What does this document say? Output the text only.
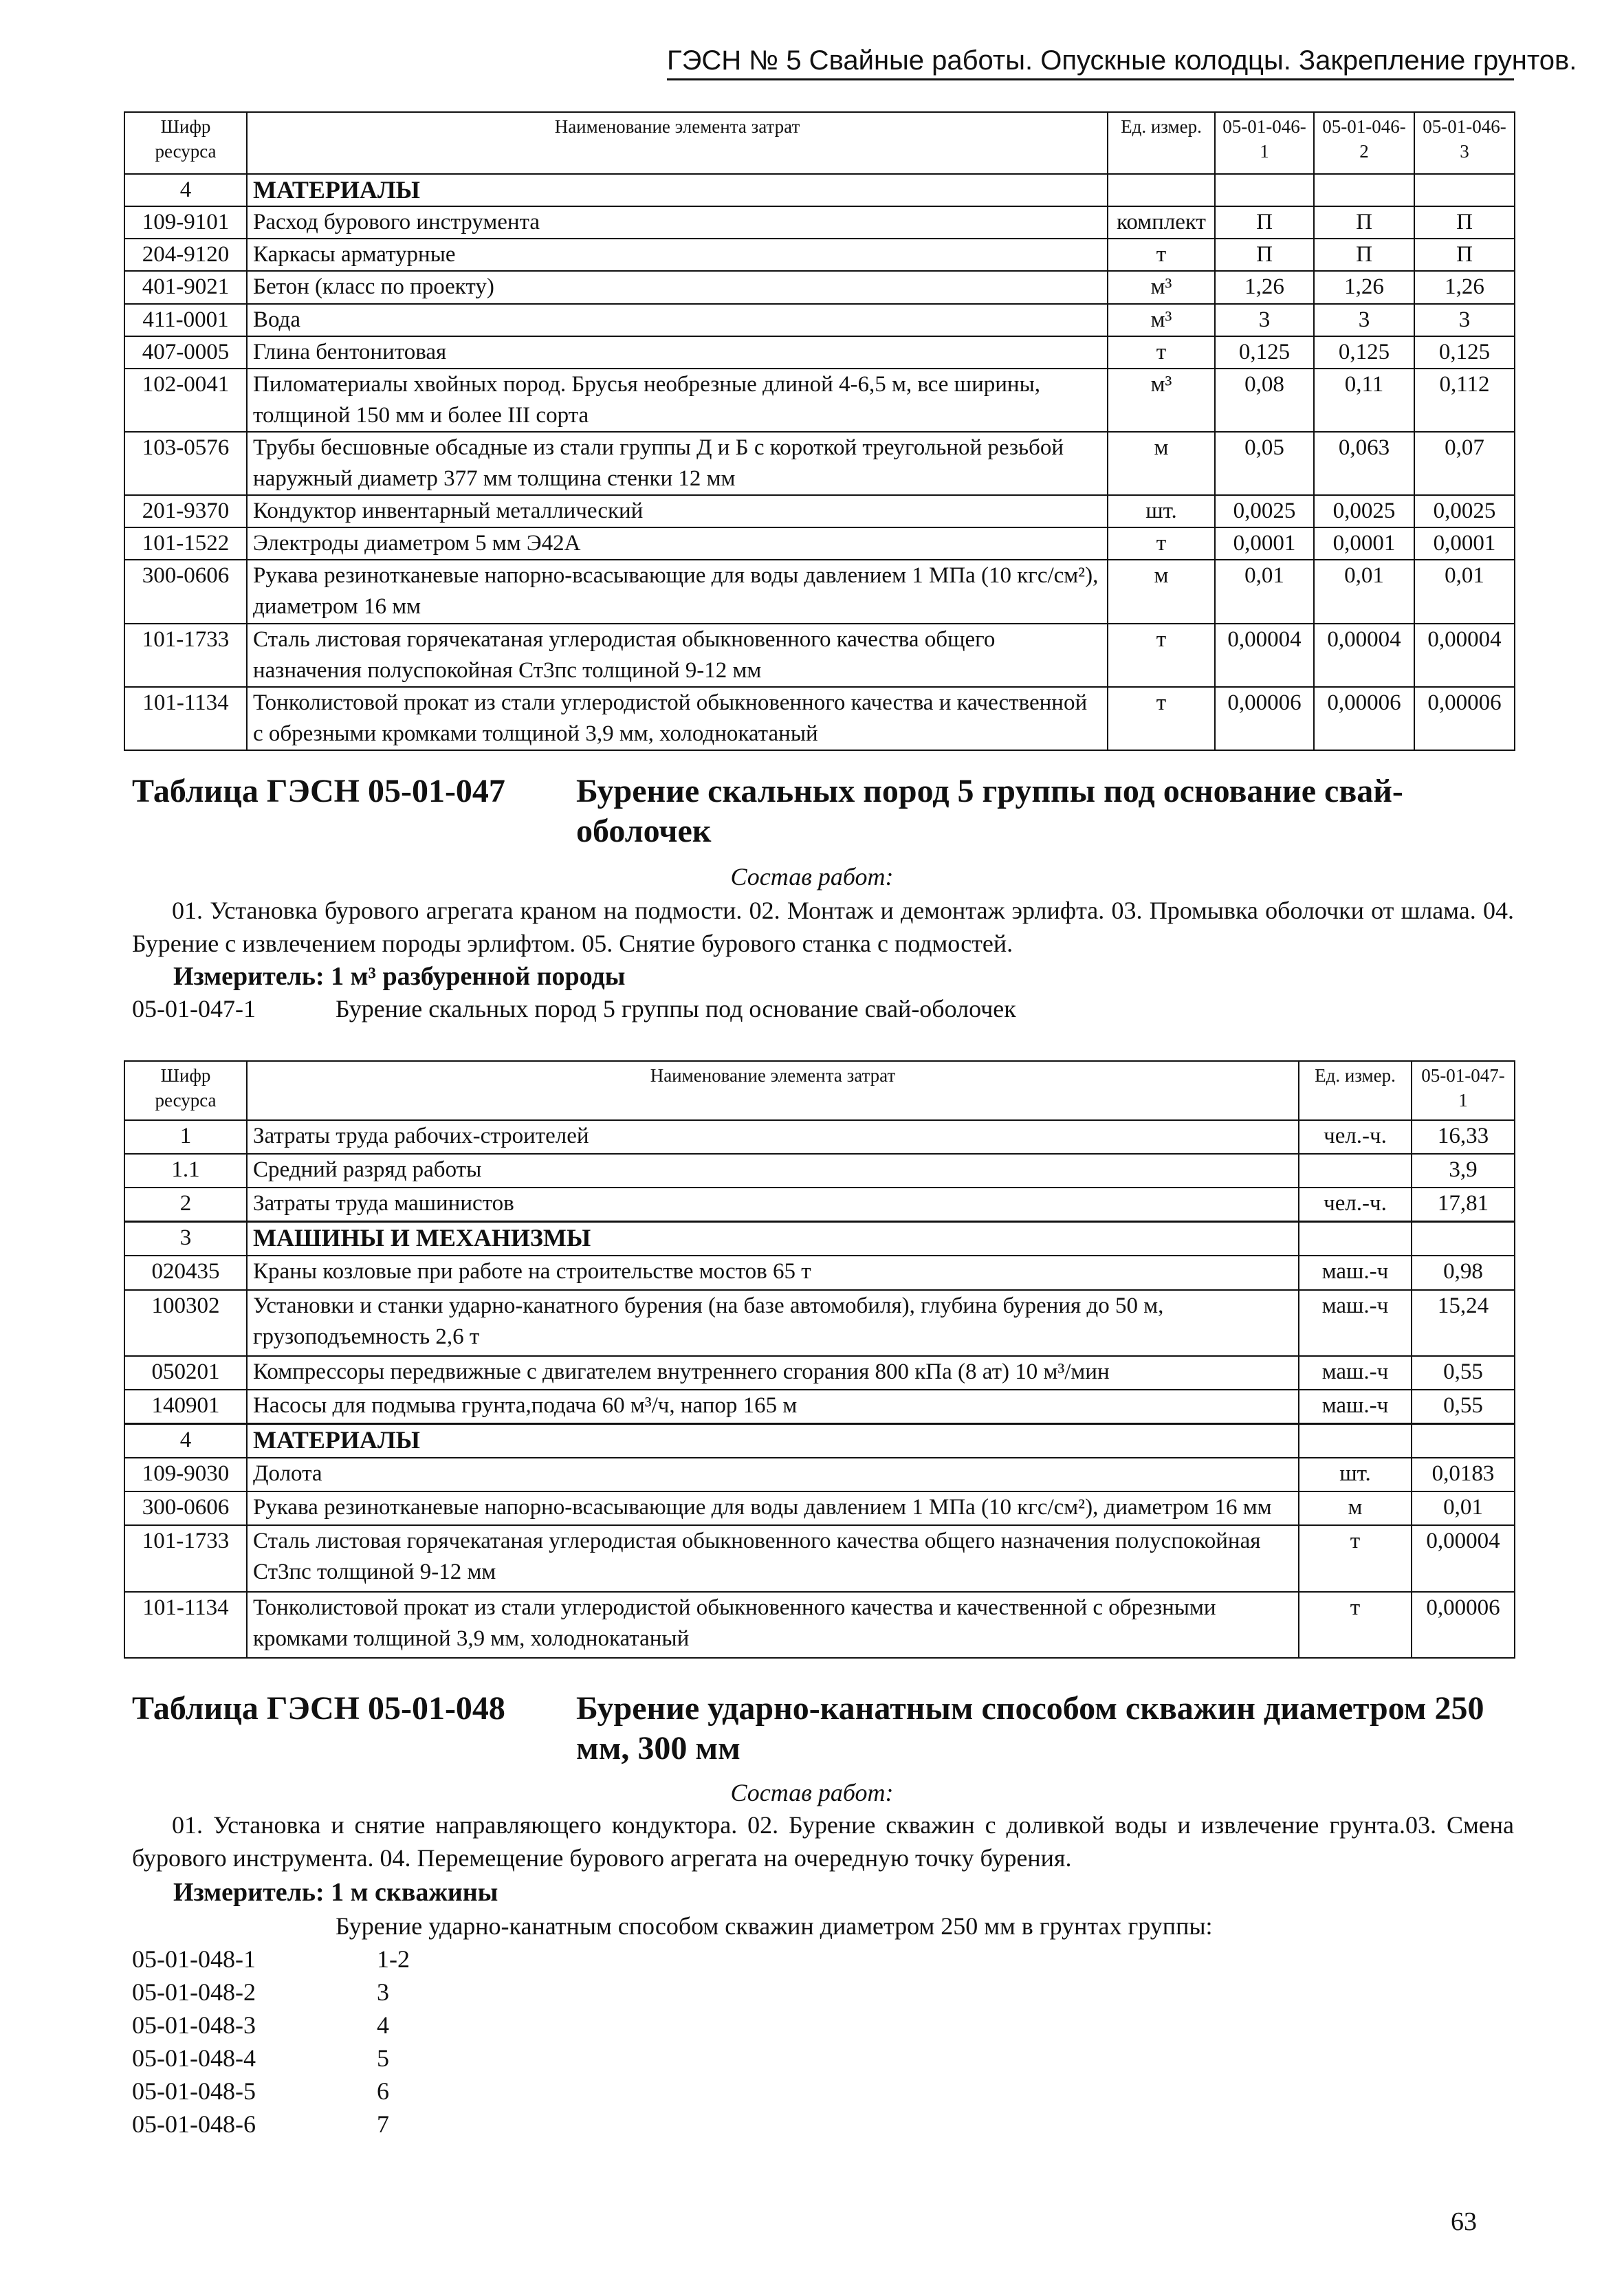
ГЭСН № 5 Свайные работы. Опускные колодцы. Закрепление грунтов.
Шифр ресурса	Наименование элемента затрат	Ед. измер.	05-01-046-1	05-01-046-2	05-01-046-3
4	МАТЕРИАЛЫ				
109-9101	Расход бурового инструмента	комплект	П	П	П
204-9120	Каркасы арматурные	т	П	П	П
401-9021	Бетон (класс по проекту)	м³	1,26	1,26	1,26
411-0001	Вода	м³	3	3	3
407-0005	Глина бентонитовая	т	0,125	0,125	0,125
102-0041	Пиломатериалы хвойных пород. Брусья необрезные длиной 4-6,5 м, все ширины, толщиной 150 мм и более III сорта	м³	0,08	0,11	0,112
103-0576	Трубы бесшовные обсадные из стали группы Д и Б с короткой треугольной резьбой наружный диаметр 377 мм толщина стенки 12 мм	м	0,05	0,063	0,07
201-9370	Кондуктор инвентарный металлический	шт.	0,0025	0,0025	0,0025
101-1522	Электроды диаметром 5 мм Э42А	т	0,0001	0,0001	0,0001
300-0606	Рукава резинотканевые напорно-всасывающие для воды давлением 1 МПа (10 кгс/см²), диаметром 16 мм	м	0,01	0,01	0,01
101-1733	Сталь листовая горячекатаная углеродистая обыкновенного качества общего назначения полуспокойная Ст3пс толщиной 9-12 мм	т	0,00004	0,00004	0,00004
101-1134	Тонколистовой прокат из стали углеродистой обыкновенного качества и качественной с обрезными кромками толщиной 3,9 мм, холоднокатаный	т	0,00006	0,00006	0,00006
Таблица ГЭСН 05-01-047 Бурение скальных пород 5 группы под основание свай-оболочек
Состав работ:
01. Установка бурового агрегата краном на подмости. 02. Монтаж и демонтаж эрлифта. 03. Промывка оболочки от шлама. 04. Бурение с извлечением породы эрлифтом. 05. Снятие бурового станка с подмостей.
Измеритель: 1 м³ разбуренной породы
05-01-047-1	Бурение скальных пород 5 группы под основание свай-оболочек
Шифр ресурса	Наименование элемента затрат	Ед. измер.	05-01-047-1
1	Затраты труда рабочих-строителей	чел.-ч.	16,33
1.1	Средний разряд работы		3,9
2	Затраты труда машинистов	чел.-ч.	17,81
3	МАШИНЫ И МЕХАНИЗМЫ		
020435	Краны козловые при работе на строительстве мостов 65 т	маш.-ч	0,98
100302	Установки и станки ударно-канатного бурения (на базе автомобиля), глубина бурения до 50 м, грузоподъемность 2,6 т	маш.-ч	15,24
050201	Компрессоры передвижные с двигателем внутреннего сгорания 800 кПа (8 ат) 10 м³/мин	маш.-ч	0,55
140901	Насосы для подмыва грунта,подача 60 м³/ч, напор 165 м	маш.-ч	0,55
4	МАТЕРИАЛЫ		
109-9030	Долота	шт.	0,0183
300-0606	Рукава резинотканевые напорно-всасывающие для воды давлением 1 МПа (10 кгс/см²), диаметром 16 мм	м	0,01
101-1733	Сталь листовая горячекатаная углеродистая обыкновенного качества общего назначения полуспокойная Ст3пс толщиной 9-12 мм	т	0,00004
101-1134	Тонколистовой прокат из стали углеродистой обыкновенного качества и качественной с обрезными кромками толщиной 3,9 мм, холоднокатаный	т	0,00006
Таблица ГЭСН 05-01-048 Бурение ударно-канатным способом скважин диаметром 250 мм, 300 мм
Состав работ:
01. Установка и снятие направляющего кондуктора. 02. Бурение скважин с доливкой воды и извлечение грунта.03. Смена бурового инструмента. 04. Перемещение бурового агрегата на очередную точку бурения.
Измеритель: 1 м скважины
Бурение ударно-канатным способом скважин диаметром 250 мм в грунтах группы:
05-01-048-1	1-2
05-01-048-2	3
05-01-048-3	4
05-01-048-4	5
05-01-048-5	6
05-01-048-6	7
63
